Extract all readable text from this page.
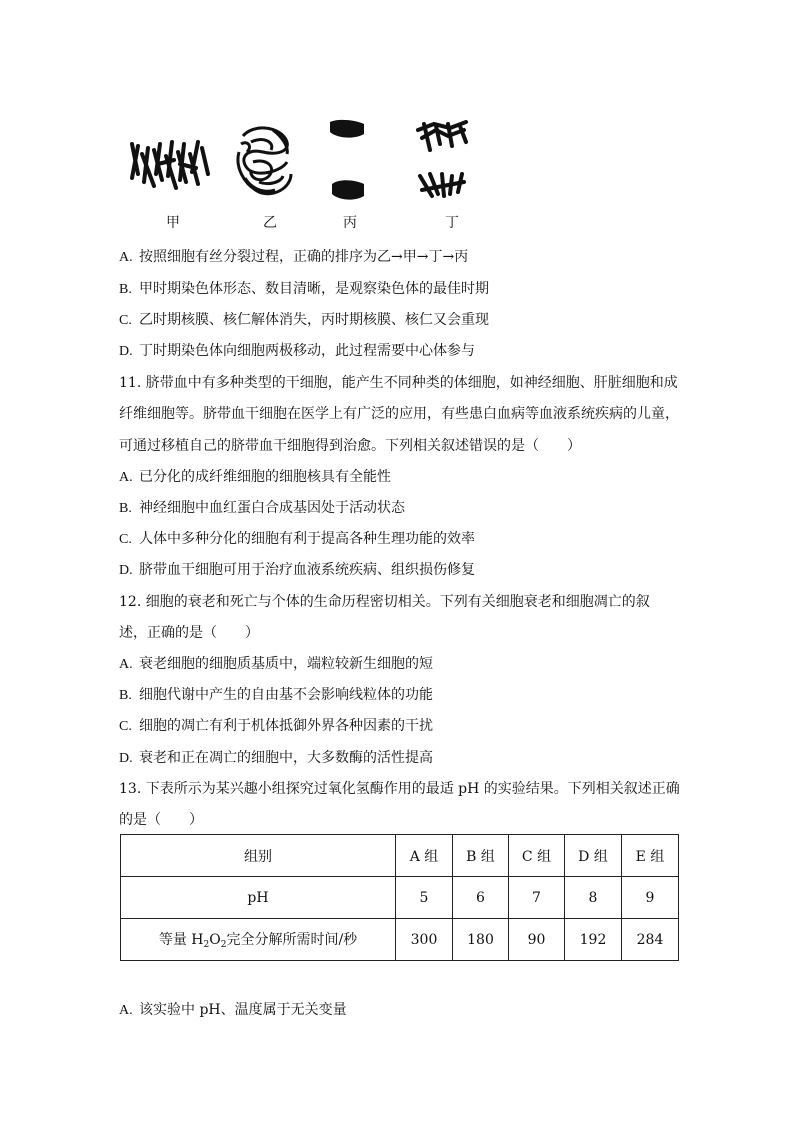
甲	乙	丙	丁
A. 按照细胞有丝分裂过程，正确的排序为乙→甲→丁→丙
B. 甲时期染色体形态、数目清晰，是观察染色体的最佳时期
C. 乙时期核膜、核仁解体消失，丙时期核膜、核仁又会重现
D. 丁时期染色体向细胞两极移动，此过程需要中心体参与
11. 脐带血中有多种类型的干细胞，能产生不同种类的体细胞，如神经细胞、肝脏细胞和成
纤维细胞等。脐带血干细胞在医学上有广泛的应用，有些患白血病等血液系统疾病的儿童，
可通过移植自己的脐带血干细胞得到治愈。下列相关叙述错误的是（　　）
A. 已分化的成纤维细胞的细胞核具有全能性
B. 神经细胞中血红蛋白合成基因处于活动状态
C. 人体中多种分化的细胞有利于提高各种生理功能的效率
D. 脐带血干细胞可用于治疗血液系统疾病、组织损伤修复
12. 细胞的衰老和死亡与个体的生命历程密切相关。下列有关细胞衰老和细胞凋亡的叙
述，正确的是（　　）
A. 衰老细胞的细胞质基质中，端粒较新生细胞的短
B. 细胞代谢中产生的自由基不会影响线粒体的功能
C. 细胞的凋亡有利于机体抵御外界各种因素的干扰
D. 衰老和正在凋亡的细胞中，大多数酶的活性提高
13. 下表所示为某兴趣小组探究过氧化氢酶作用的最适 pH 的实验结果。下列相关叙述正确
的是（　　）
组别	A 组	B 组	C 组	D 组	E 组
pH	5	6	7	8	9
等量 $H_2O_2$完全分解所需时间/秒	300	180	90	192	284
A. 该实验中 pH、温度属于无关变量
